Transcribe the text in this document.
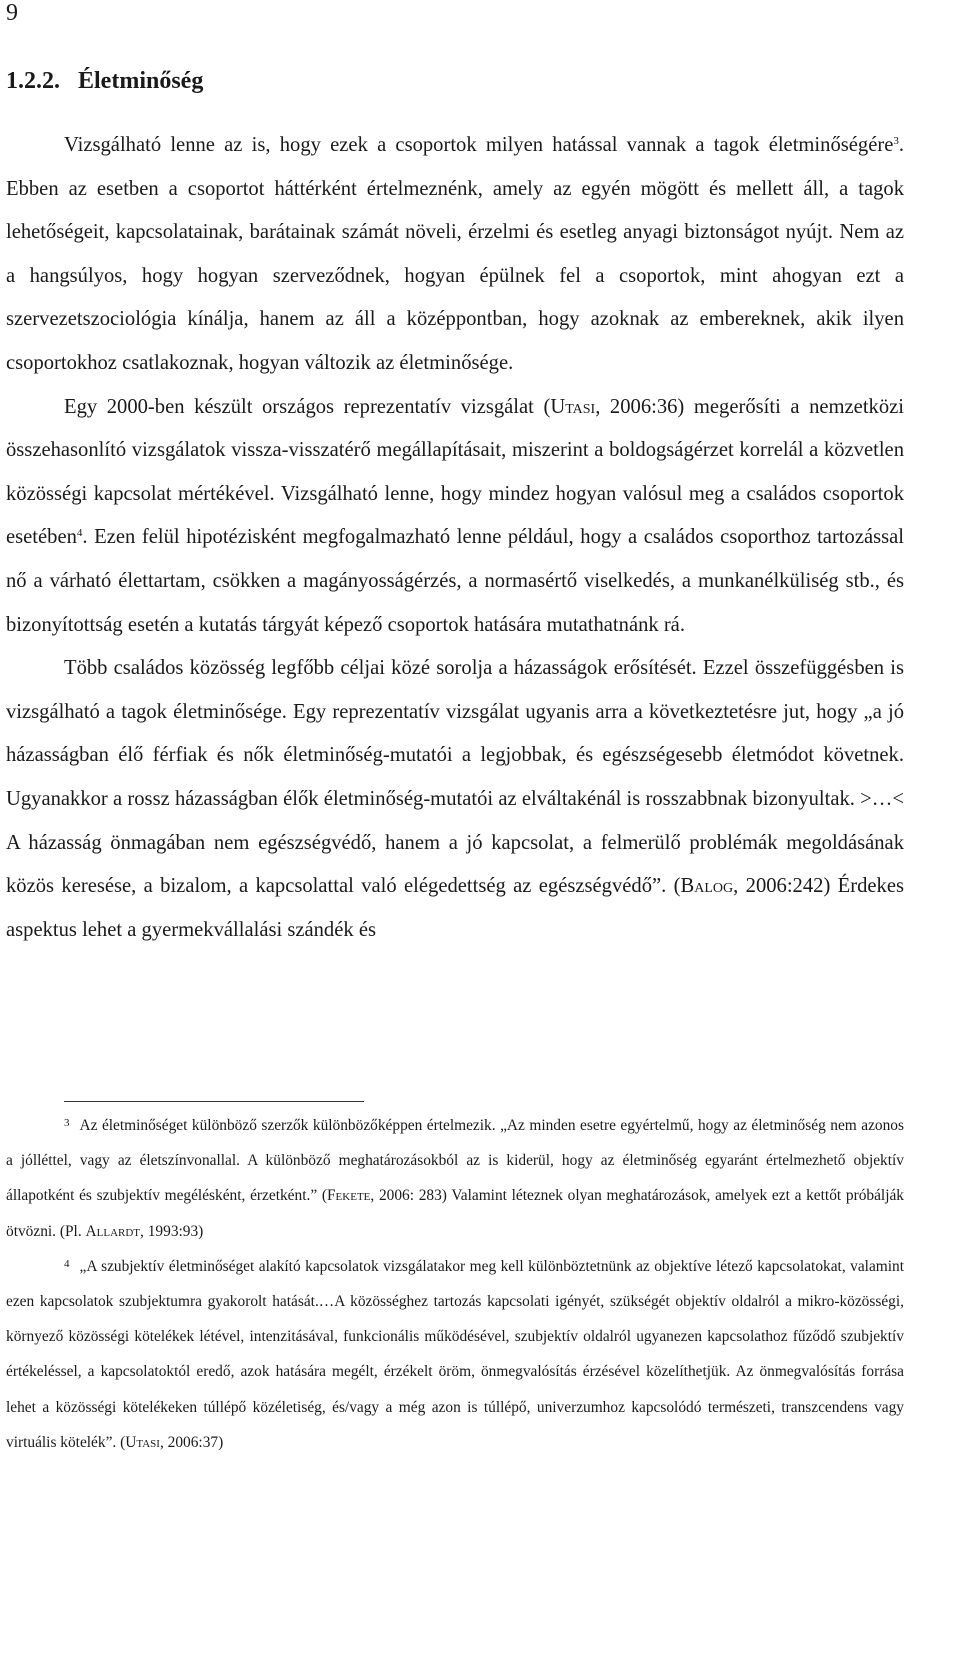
9
1.2.2. Életminőség

Vizsgálható lenne az is, hogy ezek a csoportok milyen hatással vannak a tagok életminőségére$^3$. Ebben az esetben a csoportot háttérként értelmeznénk, amely az egyén mögött és mellett áll, a tagok lehetőségeit, kapcsolatainak, barátainak számát növeli, érzelmi és esetleg anyagi biztonságot nyújt. Nem az a hangsúlyos, hogy hogyan szerveződnek, hogyan épülnek fel a csoportok, mint ahogyan ezt a szervezetszociológia kínálja, hanem az áll a középpontban, hogy azoknak az embereknek, akik ilyen csoportokhoz csatlakoznak, hogyan változik az életminősége.

Egy 2000-ben készült országos reprezentatív vizsgálat (Utasi, 2006:36) megerősíti a nemzetközi összehasonlító vizsgálatok vissza-visszatérő megállapításait, miszerint a boldogságérzet korrelál a közvetlen közösségi kapcsolat mértékével. Vizsgálható lenne, hogy mindez hogyan valósul meg a családos csoportok esetében$^4$. Ezen felül hipotézisként megfogalmazható lenne például, hogy a családos csoporthoz tartozással nő a várható élettartam, csökken a magányosságérzés, a normasértő viselkedés, a munkanélküliség stb., és bizonyítottság esetén a kutatás tárgyát képező csoportok hatására mutathatnánk rá.

Több családos közösség legfőbb céljai közé sorolja a házasságok erősítését. Ezzel összefüggésben is vizsgálható a tagok életminősége. Egy reprezentatív vizsgálat ugyanis arra a következtetésre jut, hogy „a jó házasságban élő férfiak és nők életminőség-mutatói a legjobbak, és egészségesebb életmódot követnek. Ugyanakkor a rossz házasságban élők életminőség-mutatói az elváltakénál is rosszabbnak bizonyultak. >…< A házasság önmagában nem egészségvédő, hanem a jó kapcsolat, a felmerülő problémák megoldásának közös keresése, a bizalom, a kapcsolattal való elégedettség az egészségvédő”. (Balog, 2006:242) Érdekes aspektus lehet a gyermekvállalási szándék és

$^3$ Az életminőséget különböző szerzők különbözőképpen értelmezik. „Az minden esetre egyértelmű, hogy az életminőség nem azonos a jólléttel, vagy az életszínvonallal. A különböző meghatározásokból az is kiderül, hogy az életminőség egyaránt értelmezhető objektív állapotként és szubjektív megélésként, érzetként.” (Fekete, 2006: 283) Valamint léteznek olyan meghatározások, amelyek ezt a kettőt próbálják ötvözni. (Pl. Allardt, 1993:93)

$^4$ „A szubjektív életminőséget alakító kapcsolatok vizsgálatakor meg kell különböztetnünk az objektíve létező kapcsolatokat, valamint ezen kapcsolatok szubjektumra gyakorolt hatását.…A közösséghez tartozás kapcsolati igényét, szükségét objektív oldalról a mikro-közösségi, környező közösségi kötelékek létével, intenzitásával, funkcionális működésével, szubjektív oldalról ugyanezen kapcsolathoz fűződő szubjektív értékeléssel, a kapcsolatoktól eredő, azok hatására megélt, érzékelt öröm, önmegvalósítás érzésével közelíthetjük. Az önmegvalósítás forrása lehet a közösségi kötelékeken túllépő közéletiség, és/vagy a még azon is túllépő, univerzumhoz kapcsolódó természeti, transzcendens vagy virtuális kötelék”. (Utasi, 2006:37)
